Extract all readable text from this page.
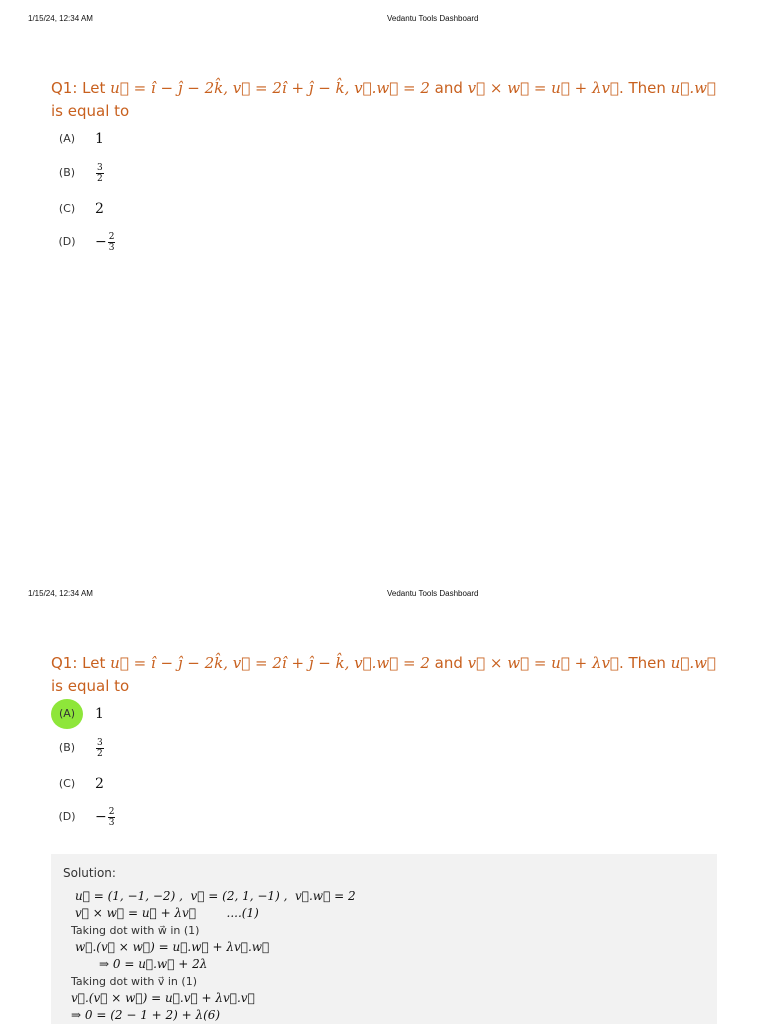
1/15/24, 12:34 AM	Vedantu Tools Dashboard
Q1: Let u⃗ = î − ĵ − 2k̂, v⃗ = 2î + ĵ − k̂, v⃗.w⃗ = 2 and v⃗ × w⃗ = u⃗ + λv⃗. Then u⃗.w⃗
is equal to
(A)	1
(B)	$\frac{3}{2}$
(C)	2
(D)	− $\frac{2}{3}$
1/15/24, 12:34 AM	Vedantu Tools Dashboard
Q1: Let u⃗ = î − ĵ − 2k̂, v⃗ = 2î + ĵ − k̂, v⃗.w⃗ = 2 and v⃗ × w⃗ = u⃗ + λv⃗. Then u⃗.w⃗
is equal to
(A)	1
(B)	$\frac{3}{2}$
(C)	2
(D)	− $\frac{2}{3}$
Solution:
u⃗ = (1, −1, −2) ,  v⃗ = (2, 1, −1) ,  v⃗.w⃗ = 2
v⃗ × w⃗ = u⃗ + λv⃗        ....(1)
Taking dot with w⃗ in (1)
w⃗.(v⃗ × w⃗) = u⃗.w⃗ + λv⃗.w⃗
⇒ 0 = u⃗.w⃗ + 2λ
Taking dot with v⃗ in (1)
v⃗.(v⃗ × w⃗) = u⃗.v⃗ + λv⃗.v⃗
⇒ 0 = (2 − 1 + 2) + λ(6)
